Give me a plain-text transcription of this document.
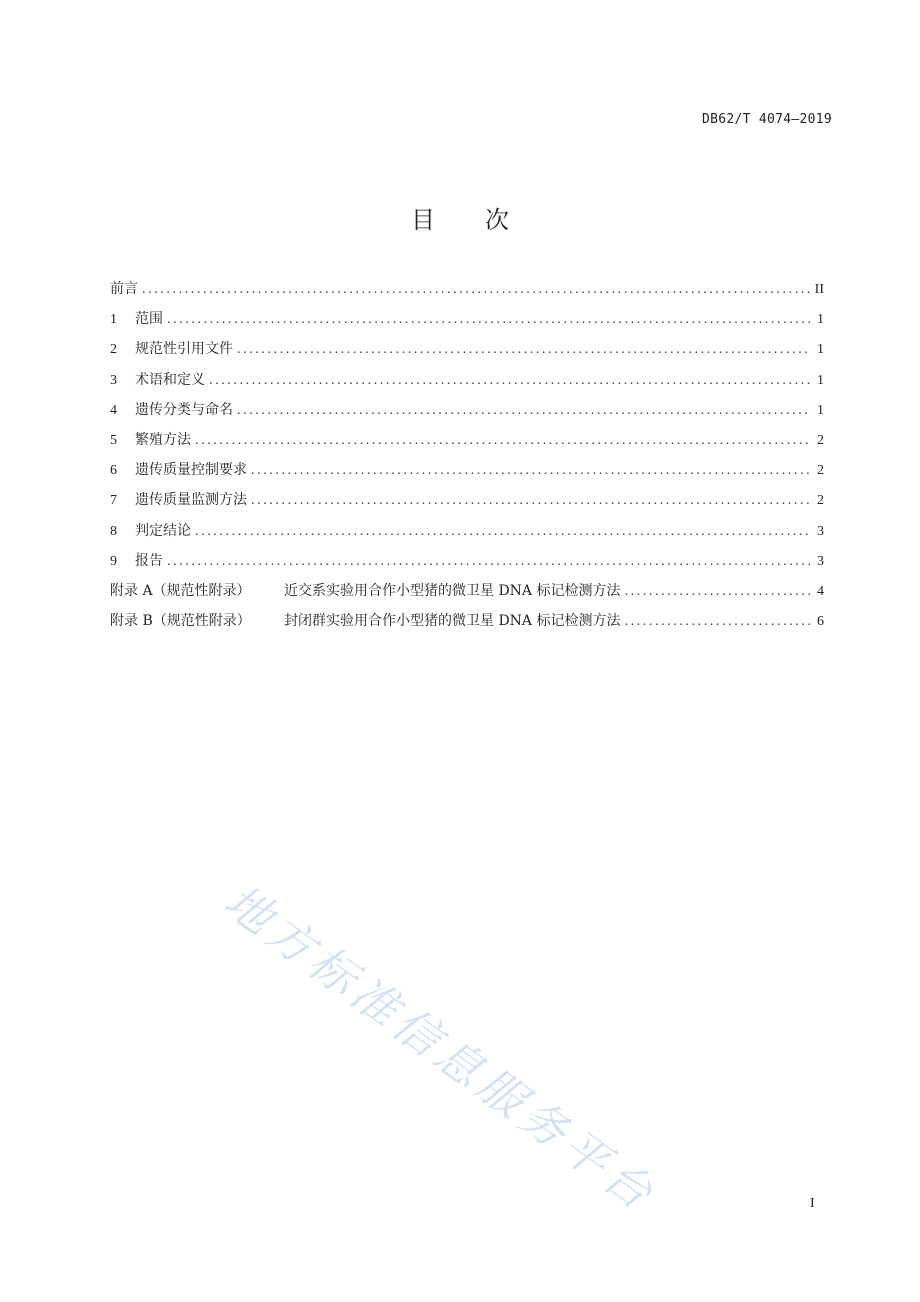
DB62/T 4074—2019
目 次
前言 .....	II
1	范围 .....	1
2	规范性引用文件 .....	1
3	术语和定义 .....	1
4	遗传分类与命名 .....	1
5	繁殖方法 .....	2
6	遗传质量控制要求 .....	2
7	遗传质量监测方法 .....	2
8	判定结论 .....	3
9	报告 .....	3
附录 A（规范性附录）	近交系实验用合作小型猪的微卫星 DNA 标记检测方法 .....	4
附录 B（规范性附录）	封闭群实验用合作小型猪的微卫星 DNA 标记检测方法 .....	6
地方标准信息服务平台	I
